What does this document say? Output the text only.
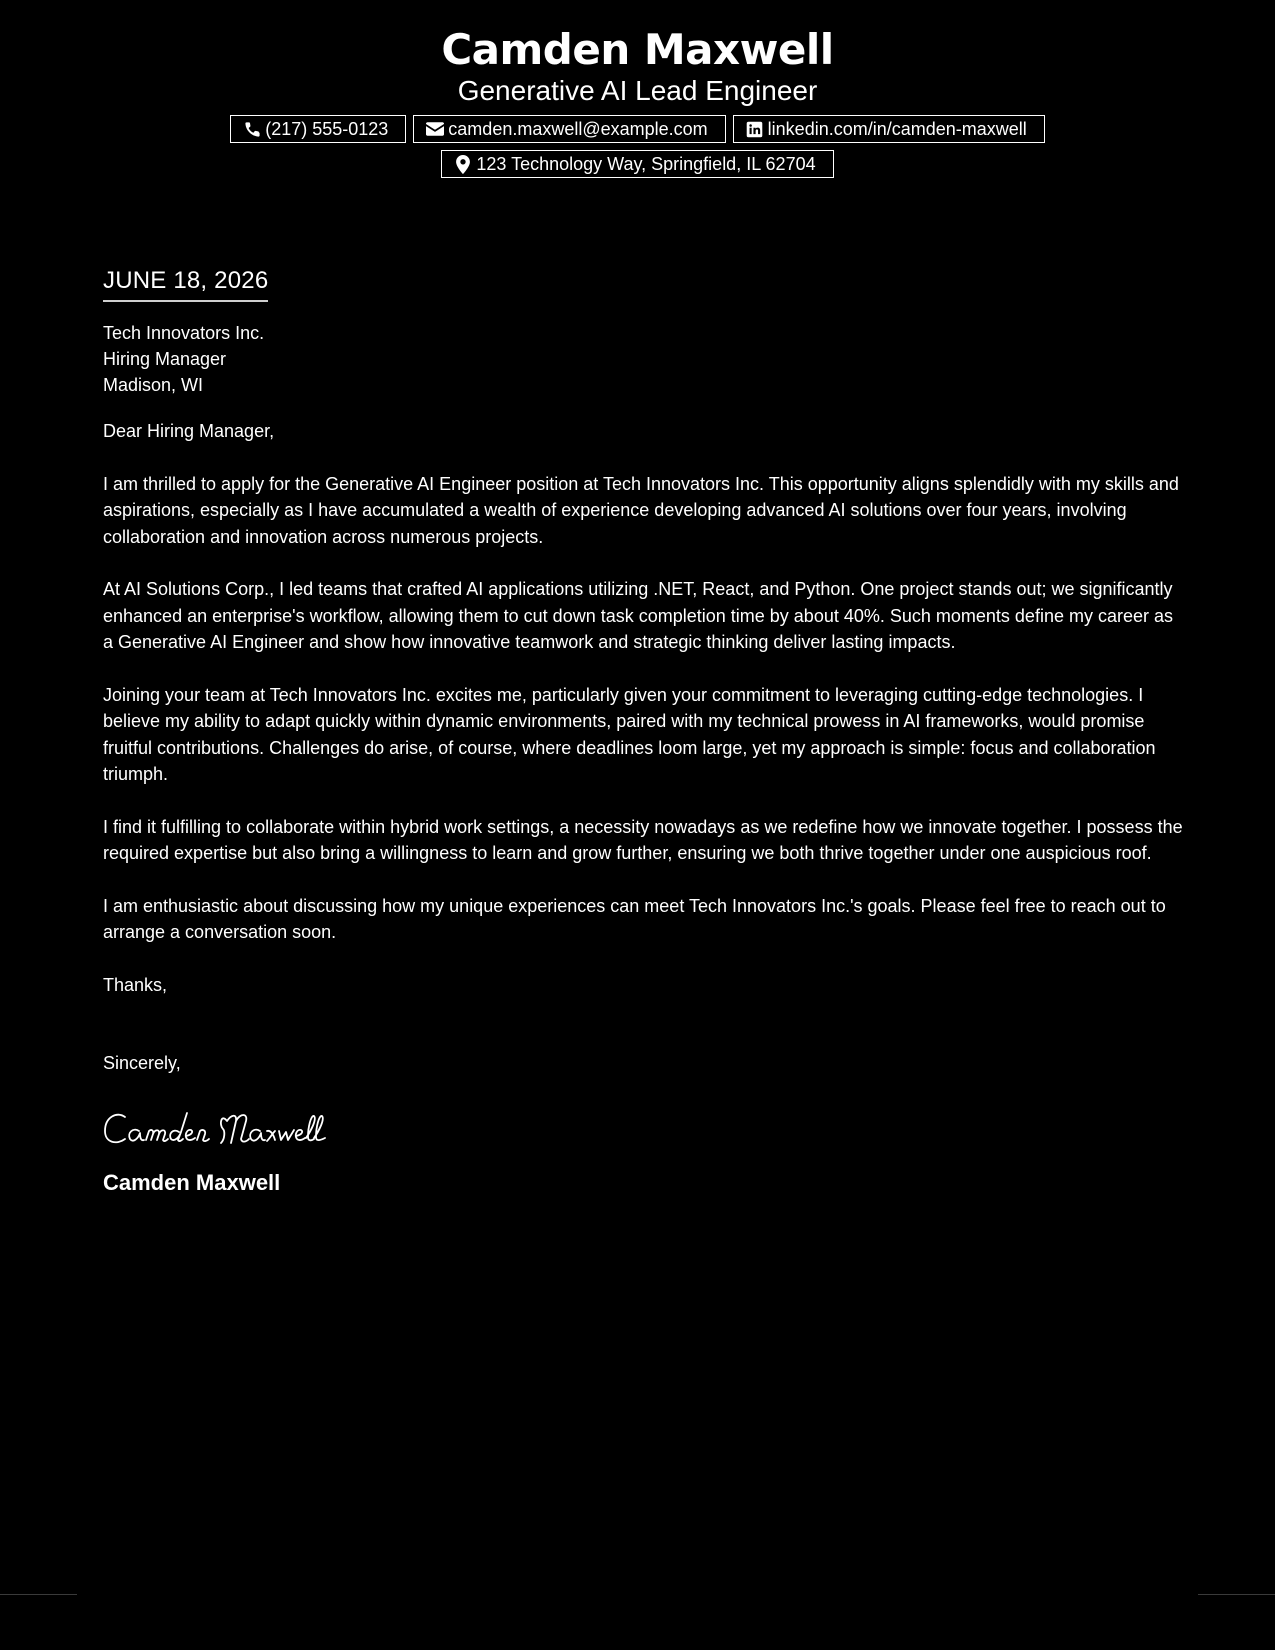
Camden Maxwell
Generative AI Lead Engineer
(217) 555-0123	camden.maxwell@example.com	linkedin.com/in/camden-maxwell
123 Technology Way, Springfield, IL 62704
JUNE 18, 2026
Tech Innovators Inc.
Hiring Manager
Madison, WI
Dear Hiring Manager,
I am thrilled to apply for the Generative AI Engineer position at Tech Innovators Inc. This opportunity aligns splendidly with my skills and aspirations, especially as I have accumulated a wealth of experience developing advanced AI solutions over four years, involving collaboration and innovation across numerous projects.
At AI Solutions Corp., I led teams that crafted AI applications utilizing .NET, React, and Python. One project stands out; we significantly enhanced an enterprise's workflow, allowing them to cut down task completion time by about 40%. Such moments define my career as a Generative AI Engineer and show how innovative teamwork and strategic thinking deliver lasting impacts.
Joining your team at Tech Innovators Inc. excites me, particularly given your commitment to leveraging cutting-edge technologies. I believe my ability to adapt quickly within dynamic environments, paired with my technical prowess in AI frameworks, would promise fruitful contributions. Challenges do arise, of course, where deadlines loom large, yet my approach is simple: focus and collaboration triumph.
I find it fulfilling to collaborate within hybrid work settings, a necessity nowadays as we redefine how we innovate together. I possess the required expertise but also bring a willingness to learn and grow further, ensuring we both thrive together under one auspicious roof.
I am enthusiastic about discussing how my unique experiences can meet Tech Innovators Inc.'s goals. Please feel free to reach out to arrange a conversation soon.
Thanks,
Sincerely,
Camden Maxwell
